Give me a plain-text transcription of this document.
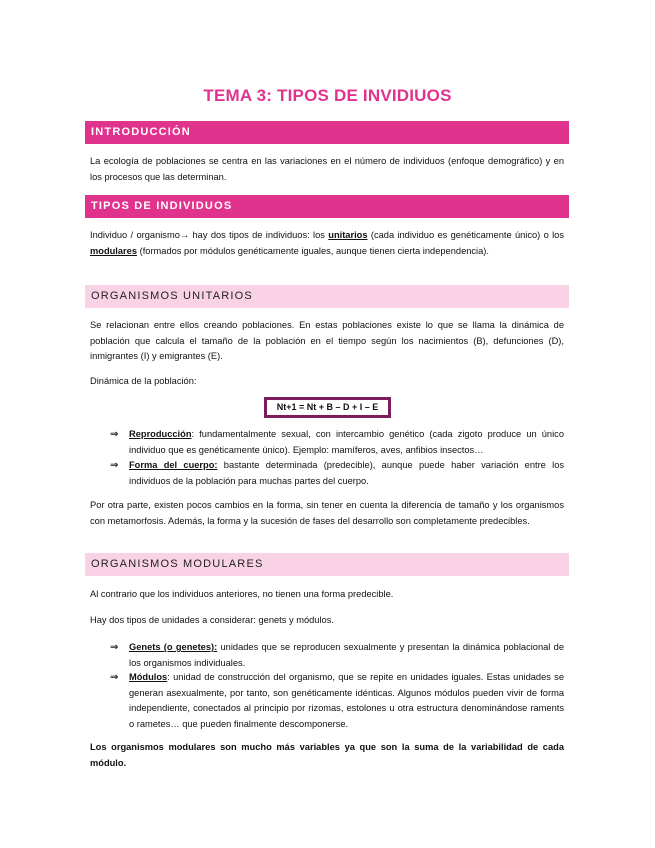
TEMA 3: TIPOS DE INVIDIUOS
INTRODUCCIÓN

La ecología de poblaciones se centra en las variaciones en el número de individuos (enfoque demográfico) y en los procesos que las determinan.

TIPOS DE INDIVIDUOS

Individuo / organismo→ hay dos tipos de individuos: los unitarios (cada individuo es genéticamente único) o los modulares (formados por módulos genéticamente iguales, aunque tienen cierta independencia).

ORGANISMOS UNITARIOS

Se relacionan entre ellos creando poblaciones. En estas poblaciones existe lo que se llama la dinámica de población que calcula el tamaño de la población en el tiempo según los nacimientos (B), defunciones (D), inmigrantes (I) y emigrantes (E).

Dinámica de la población:

Nt+1 = Nt + B – D + I – E
⇒ Reproducción: fundamentalmente sexual, con intercambio genético (cada zigoto produce un único individuo que es genéticamente único). Ejemplo: mamíferos, aves, anfibios insectos…
⇒ Forma del cuerpo: bastante determinada (predecible), aunque puede haber variación entre los individuos de la población para muchas partes del cuerpo.

Por otra parte, existen pocos cambios en la forma, sin tener en cuenta la diferencia de tamaño y los organismos con metamorfosis. Además, la forma y la sucesión de fases del desarrollo son completamente predecibles.

ORGANISMOS MODULARES

Al contrario que los individuos anteriores, no tienen una forma predecible.

Hay dos tipos de unidades a considerar: genets y módulos.

⇒ Genets (o genetes): unidades que se reproducen sexualmente y presentan la dinámica poblacional de los organismos individuales.
⇒ Módulos: unidad de construcción del organismo, que se repite en unidades iguales. Estas unidades se generan asexualmente, por tanto, son genéticamente idénticas. Algunos módulos pueden vivir de forma independiente, conectados al principio por rizomas, estolones u otra estructura denominándose raments o rametes… que pueden finalmente descomponerse.

Los organismos modulares son mucho más variables ya que son la suma de la variabilidad de cada módulo.
